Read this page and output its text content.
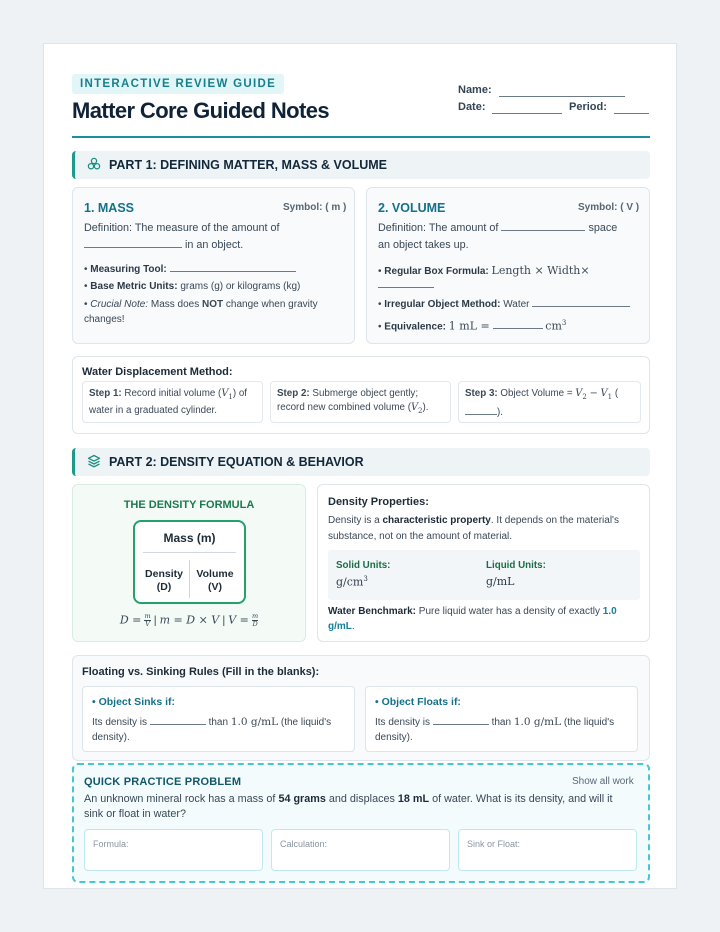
INTERACTIVE REVIEW GUIDE
Matter Core Guided Notes
Name:
Date:	Period:
PART 1: DEFINING MATTER, MASS & VOLUME
1. MASS	Symbol: ( m )
Definition: The measure of the amount of
in an object.
• Measuring Tool:
• Base Metric Units: grams (g) or kilograms (kg)
• Crucial Note: Mass does NOT change when gravity
changes!
2. VOLUME	Symbol: ( V )
Definition: The amount of	space
an object takes up.
• Regular Box Formula: Length × Width×
• Irregular Object Method: Water
• Equivalence: 1 mL =	$cm^3$
Water Displacement Method:
Step 1: Record initial volume $(V_1)$ of
water in a graduated cylinder.
Step 2: Submerge object gently;
record new combined volume $(V_2)$.
Step 3: Object Volume = $V_2 - V_1$ (
).
PART 2: DENSITY EQUATION & BEHAVIOR
THE DENSITY FORMULA
Mass (m)
Density
(D)
Volume
(V)
$D = \frac{m}{V}$ | m = D × V | $V = \frac{m}{D}$
Density Properties:
Density is a characteristic property. It depends on the material's
substance, not on the amount of material.
Solid Units:
$g/cm^3$
Liquid Units:
g/mL
Water Benchmark: Pure liquid water has a density of exactly 1.0
g/mL.
Floating vs. Sinking Rules (Fill in the blanks):
• Object Sinks if:
Its density is	than 1.0 g/mL (the liquid's
density).
• Object Floats if:
Its density is	than 1.0 g/mL (the liquid's
density).
QUICK PRACTICE PROBLEM	Show all work
An unknown mineral rock has a mass of 54 grams and displaces 18 mL of water. What is its density, and will it
sink or float in water?
Formula:	Calculation:	Sink or Float:
